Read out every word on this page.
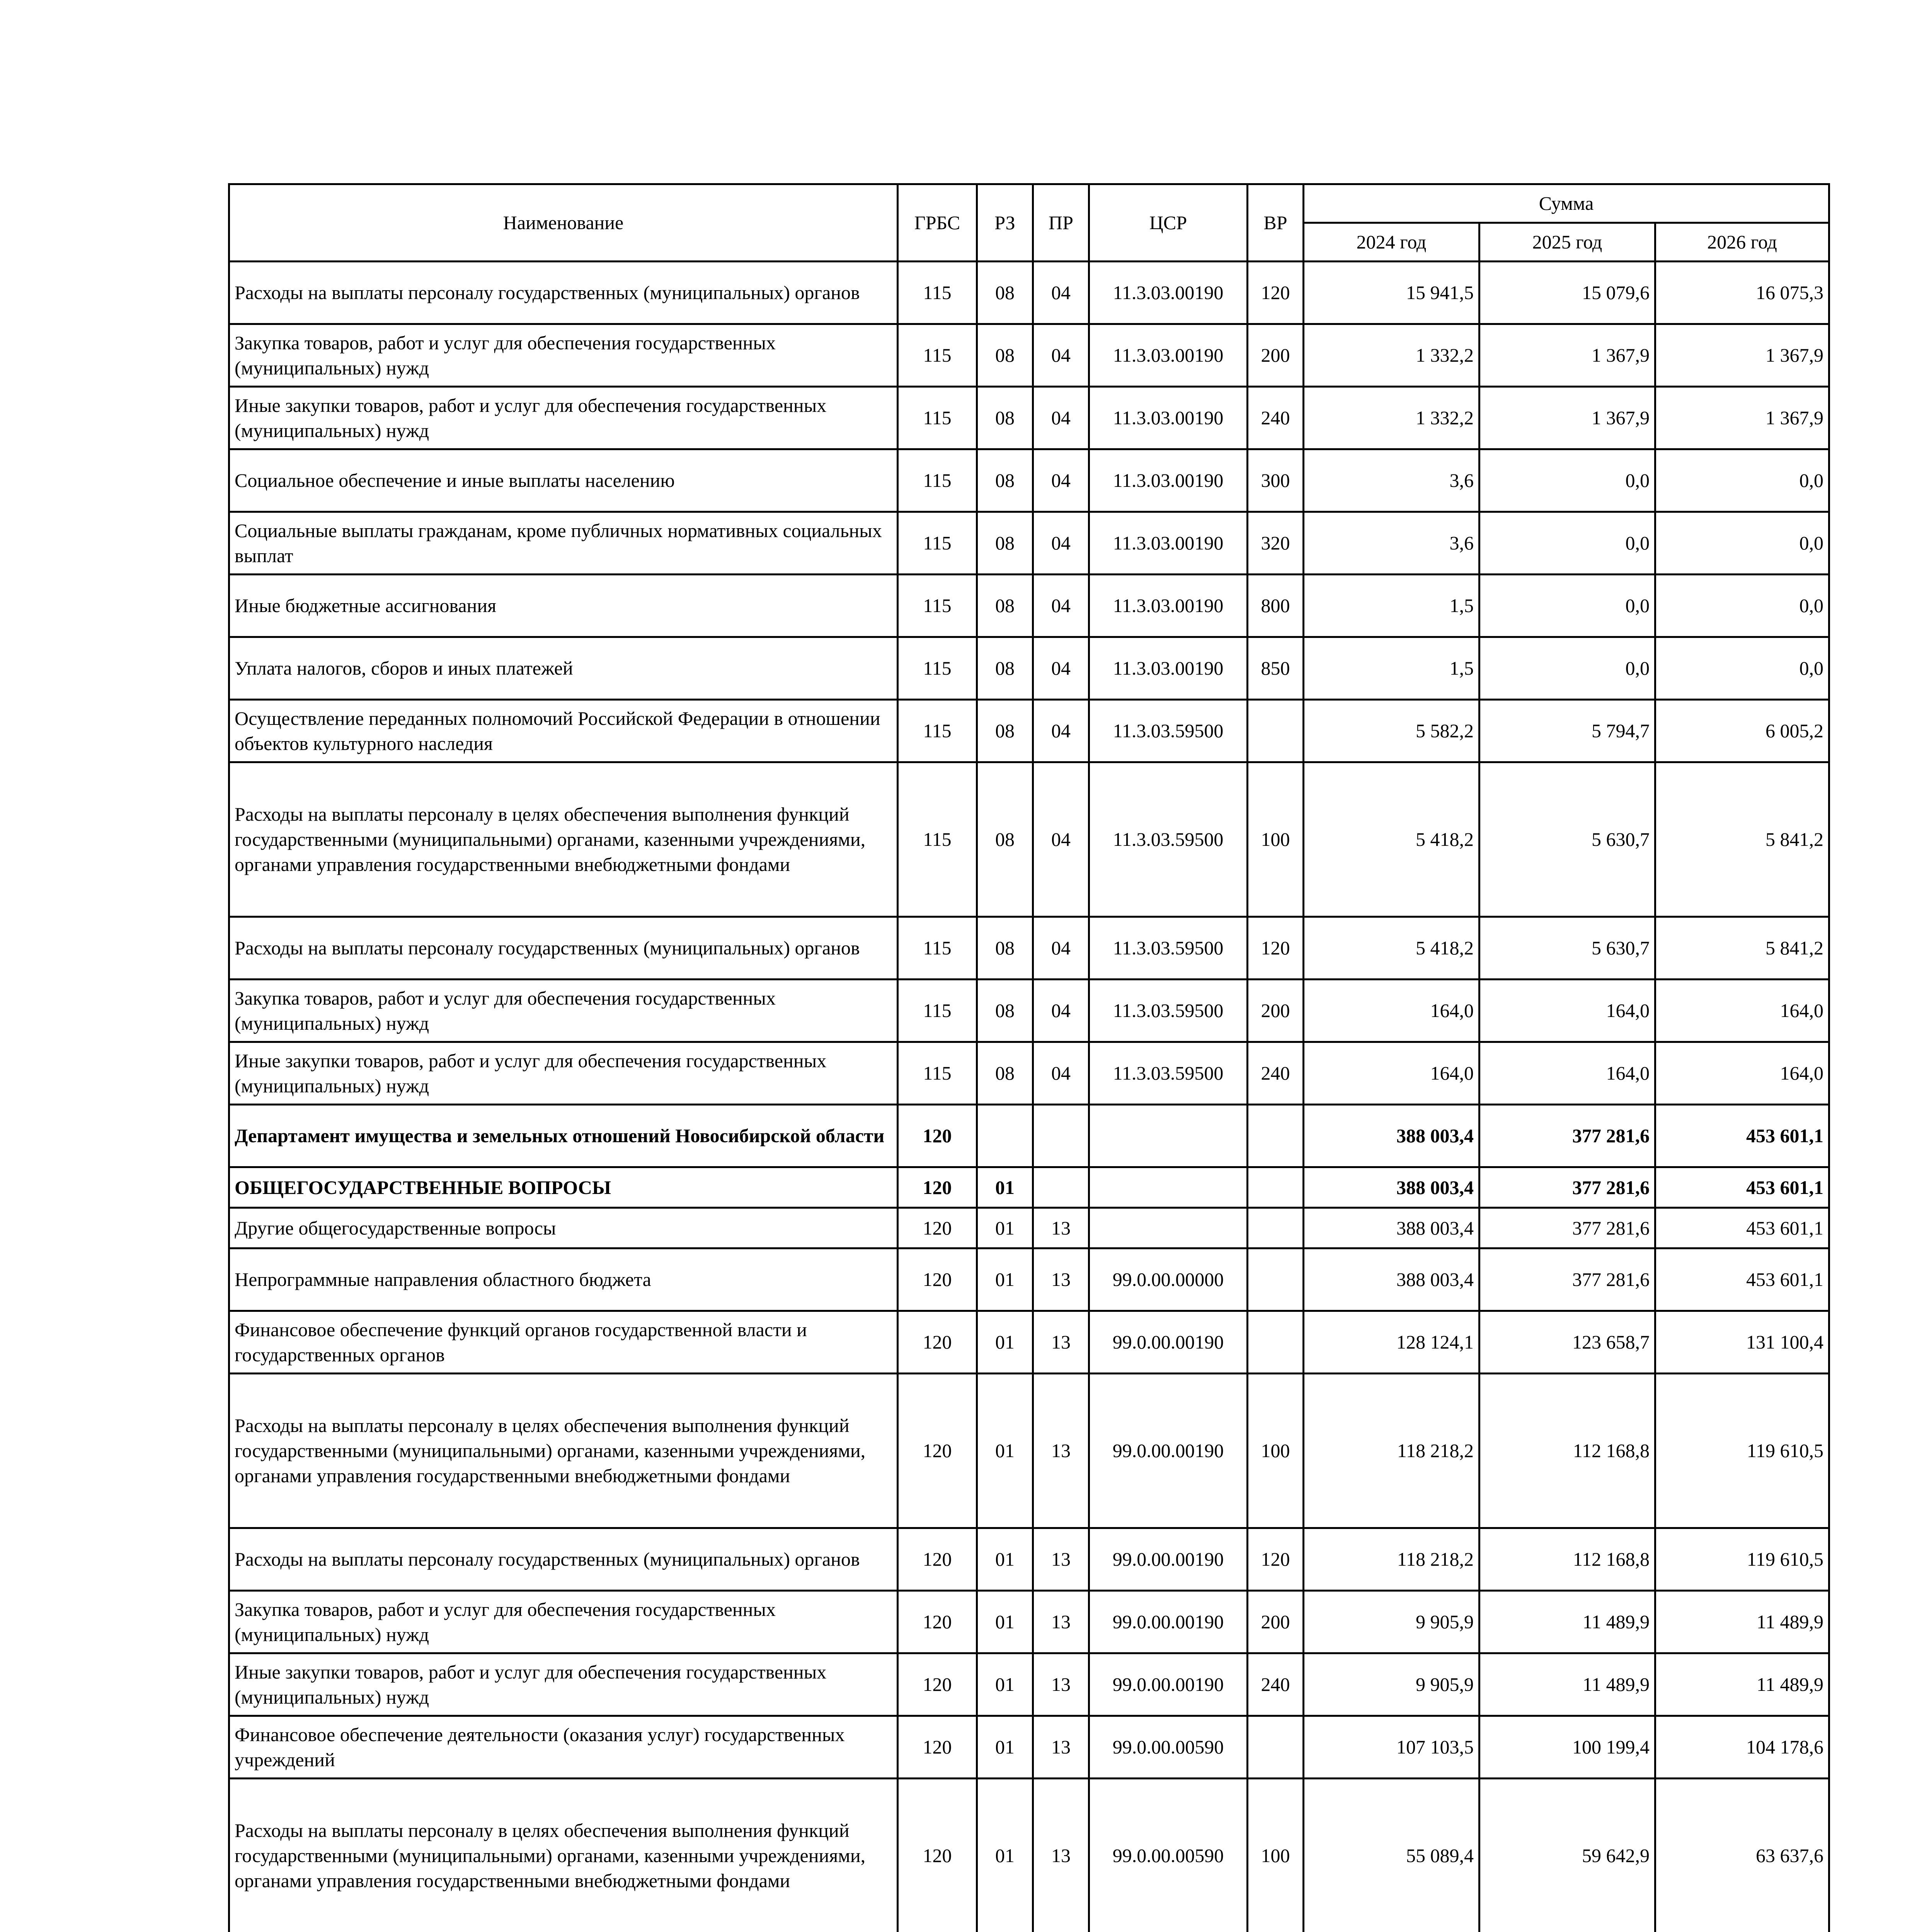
Наименование	ГРБС	РЗ	ПР	ЦСР	ВР	Сумма		
						2024 год	2025 год	2026 год
Расходы на выплаты персоналу государственных (муниципальных) органов	115	08	04	11.3.03.00190	120	15 941,5	15 079,6	16 075,3
Закупка товаров, работ и услуг для обеспечения государственных (муниципальных) нужд	115	08	04	11.3.03.00190	200	1 332,2	1 367,9	1 367,9
Иные закупки товаров, работ и услуг для обеспечения государственных (муниципальных) нужд	115	08	04	11.3.03.00190	240	1 332,2	1 367,9	1 367,9
Социальное обеспечение и иные выплаты населению	115	08	04	11.3.03.00190	300	3,6	0,0	0,0
Социальные выплаты гражданам, кроме публичных нормативных социальных выплат	115	08	04	11.3.03.00190	320	3,6	0,0	0,0
Иные бюджетные ассигнования	115	08	04	11.3.03.00190	800	1,5	0,0	0,0
Уплата налогов, сборов и иных платежей	115	08	04	11.3.03.00190	850	1,5	0,0	0,0
Осуществление переданных полномочий Российской Федерации в отношении объектов культурного наследия	115	08	04	11.3.03.59500		5 582,2	5 794,7	6 005,2
Расходы на выплаты персоналу в целях обеспечения выполнения функций государственными (муниципальными) органами, казенными учреждениями, органами управления государственными внебюджетными фондами	115	08	04	11.3.03.59500	100	5 418,2	5 630,7	5 841,2
Расходы на выплаты персоналу государственных (муниципальных) органов	115	08	04	11.3.03.59500	120	5 418,2	5 630,7	5 841,2
Закупка товаров, работ и услуг для обеспечения государственных (муниципальных) нужд	115	08	04	11.3.03.59500	200	164,0	164,0	164,0
Иные закупки товаров, работ и услуг для обеспечения государственных (муниципальных) нужд	115	08	04	11.3.03.59500	240	164,0	164,0	164,0
Департамент имущества и земельных отношений Новосибирской области	120					388 003,4	377 281,6	453 601,1
ОБЩЕГОСУДАРСТВЕННЫЕ ВОПРОСЫ	120	01				388 003,4	377 281,6	453 601,1
Другие общегосударственные вопросы	120	01	13			388 003,4	377 281,6	453 601,1
Непрограммные направления областного бюджета	120	01	13	99.0.00.00000		388 003,4	377 281,6	453 601,1
Финансовое обеспечение функций органов государственной власти и государственных органов	120	01	13	99.0.00.00190		128 124,1	123 658,7	131 100,4
Расходы на выплаты персоналу в целях обеспечения выполнения функций государственными (муниципальными) органами, казенными учреждениями, органами управления государственными внебюджетными фондами	120	01	13	99.0.00.00190	100	118 218,2	112 168,8	119 610,5
Расходы на выплаты персоналу государственных (муниципальных) органов	120	01	13	99.0.00.00190	120	118 218,2	112 168,8	119 610,5
Закупка товаров, работ и услуг для обеспечения государственных (муниципальных) нужд	120	01	13	99.0.00.00190	200	9 905,9	11 489,9	11 489,9
Иные закупки товаров, работ и услуг для обеспечения государственных (муниципальных) нужд	120	01	13	99.0.00.00190	240	9 905,9	11 489,9	11 489,9
Финансовое обеспечение деятельности (оказания услуг) государственных учреждений	120	01	13	99.0.00.00590		107 103,5	100 199,4	104 178,6
Расходы на выплаты персоналу в целях обеспечения выполнения функций государственными (муниципальными) органами, казенными учреждениями, органами управления государственными внебюджетными фондами	120	01	13	99.0.00.00590	100	55 089,4	59 642,9	63 637,6
